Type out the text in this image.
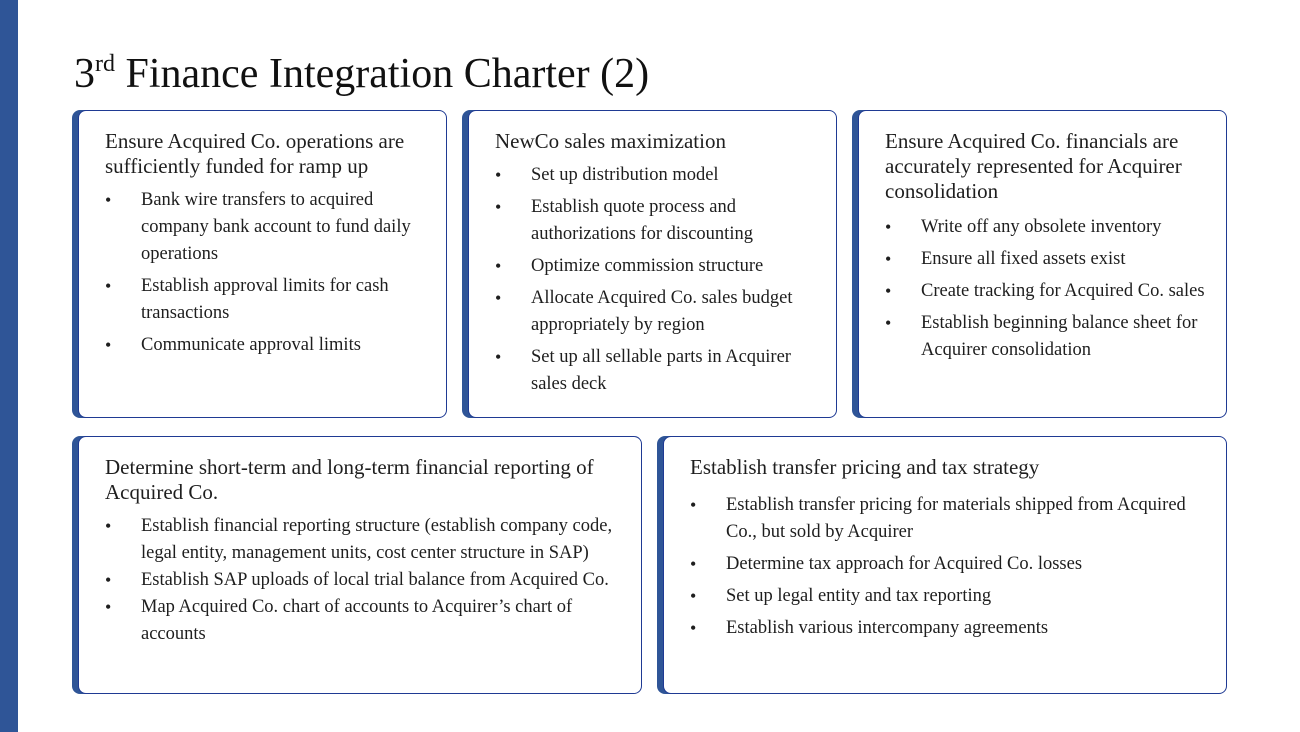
3rd Finance Integration Charter (2)
Ensure Acquired Co. operations are sufficiently funded for ramp up
• Bank wire transfers to acquired company bank account to fund daily operations
• Establish approval limits for cash transactions
• Communicate approval limits
NewCo sales maximization
• Set up distribution model
• Establish quote process and authorizations for discounting
• Optimize commission structure
• Allocate Acquired Co. sales budget appropriately by region
• Set up all sellable parts in Acquirer sales deck
Ensure Acquired Co. financials are accurately represented for Acquirer consolidation
• Write off any obsolete inventory
• Ensure all fixed assets exist
• Create tracking for Acquired Co. sales
• Establish beginning balance sheet for Acquirer consolidation
Determine short-term and long-term financial reporting of Acquired Co.
• Establish financial reporting structure (establish company code, legal entity, management units, cost center structure in SAP)
• Establish SAP uploads of local trial balance from Acquired Co.
• Map Acquired Co. chart of accounts to Acquirer’s chart of accounts
Establish transfer pricing and tax strategy
• Establish transfer pricing for materials shipped from Acquired Co., but sold by Acquirer
• Determine tax approach for Acquired Co. losses
• Set up legal entity and tax reporting
• Establish various intercompany agreements
